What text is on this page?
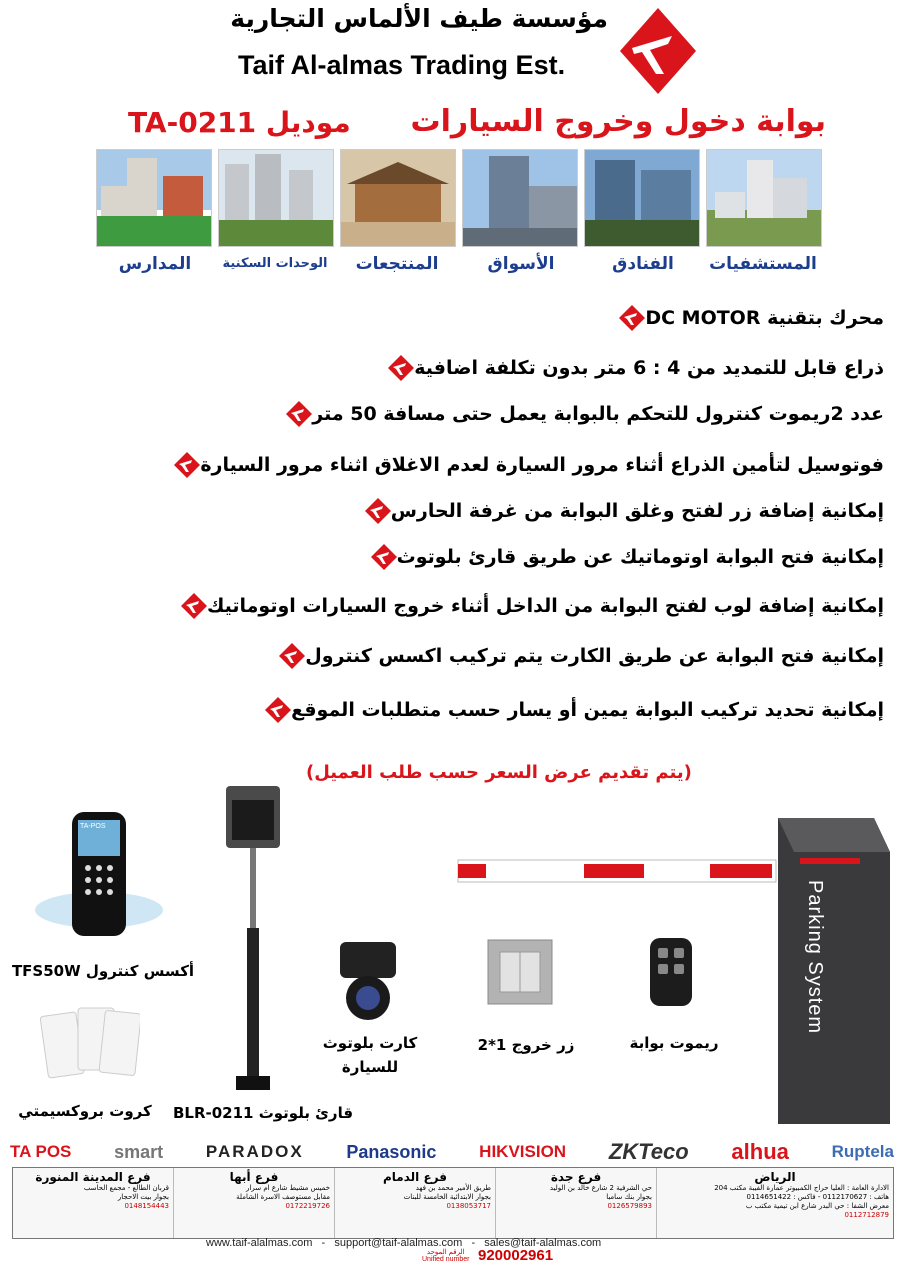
مؤسسة طيف الألماس التجارية
Taif Al-almas Trading Est.
بوابة دخول وخروج السيارات
موديل TA-0211
المستشفيات
الفنادق
الأسواق
المنتجعات
الوحدات السكنية
المدارس
محرك بتقنية DC MOTOR
ذراع قابل للتمديد من 4 : 6 متر بدون تكلفة اضافية
عدد 2ريموت كنترول للتحكم بالبوابة يعمل حتى مسافة 50 متر
فوتوسيل لتأمين الذراع أثناء مرور السيارة لعدم الاغلاق اثناء مرور السيارة
إمكانية إضافة زر لفتح وغلق البوابة من غرفة الحارس
إمكانية فتح البوابة اوتوماتيك عن طريق قارئ بلوتوث
إمكانية إضافة لوب لفتح البوابة من الداخل أثناء خروج السيارات اوتوماتيك
إمكانية فتح البوابة عن طريق الكارت يتم تركيب اكسس كنترول
إمكانية تحديد تركيب البوابة يمين أو يسار حسب متطلبات الموقع
(يتم تقديم عرض السعر حسب طلب العميل)
Parking System
TA-POS
أكسس كنترول TFS50W
كروت بروكسيمتي	قارئ بلوتوث BLR-0211
كارت بلوتوث
للسيارة
زر خروج 1*2	ريموت بوابة
TA POS smart	PARADOX Panasonic	HIKVISION ZKTeco alhua	Ruptela
الرياض
الادارة العامة : العليا حراج الكمبيوتر عمارة الفيبة مكتب 204
هاتف : 0112170627 - فاكس : 0114651422
معرض الشفا : حي البدر شارع ابن تيمية مكتب ب
0112712879
فرع جدة
حي الشرفية 2 شارع خالد بن الوليد
بجوار بنك سامبا
0126579893
فرع الدمام
طريق الأمير محمد بن فهد
بجوار الابتدائية الخامسة للبنات
0138053717
فرع أبها
خميس مشيط شارع ام سرار
مقابل مستوصف الاسرة الشاملة
0172219726
فرع المدينة المنورة
قربان الطالع - مجمع الحاسب
بجوار بيت الاحجار
0148154443
www.taif-alalmas.com   -   support@taif-alalmas.com   -   sales@taif-alalmas.com
الرقم الموحد
Unified number 920002961
